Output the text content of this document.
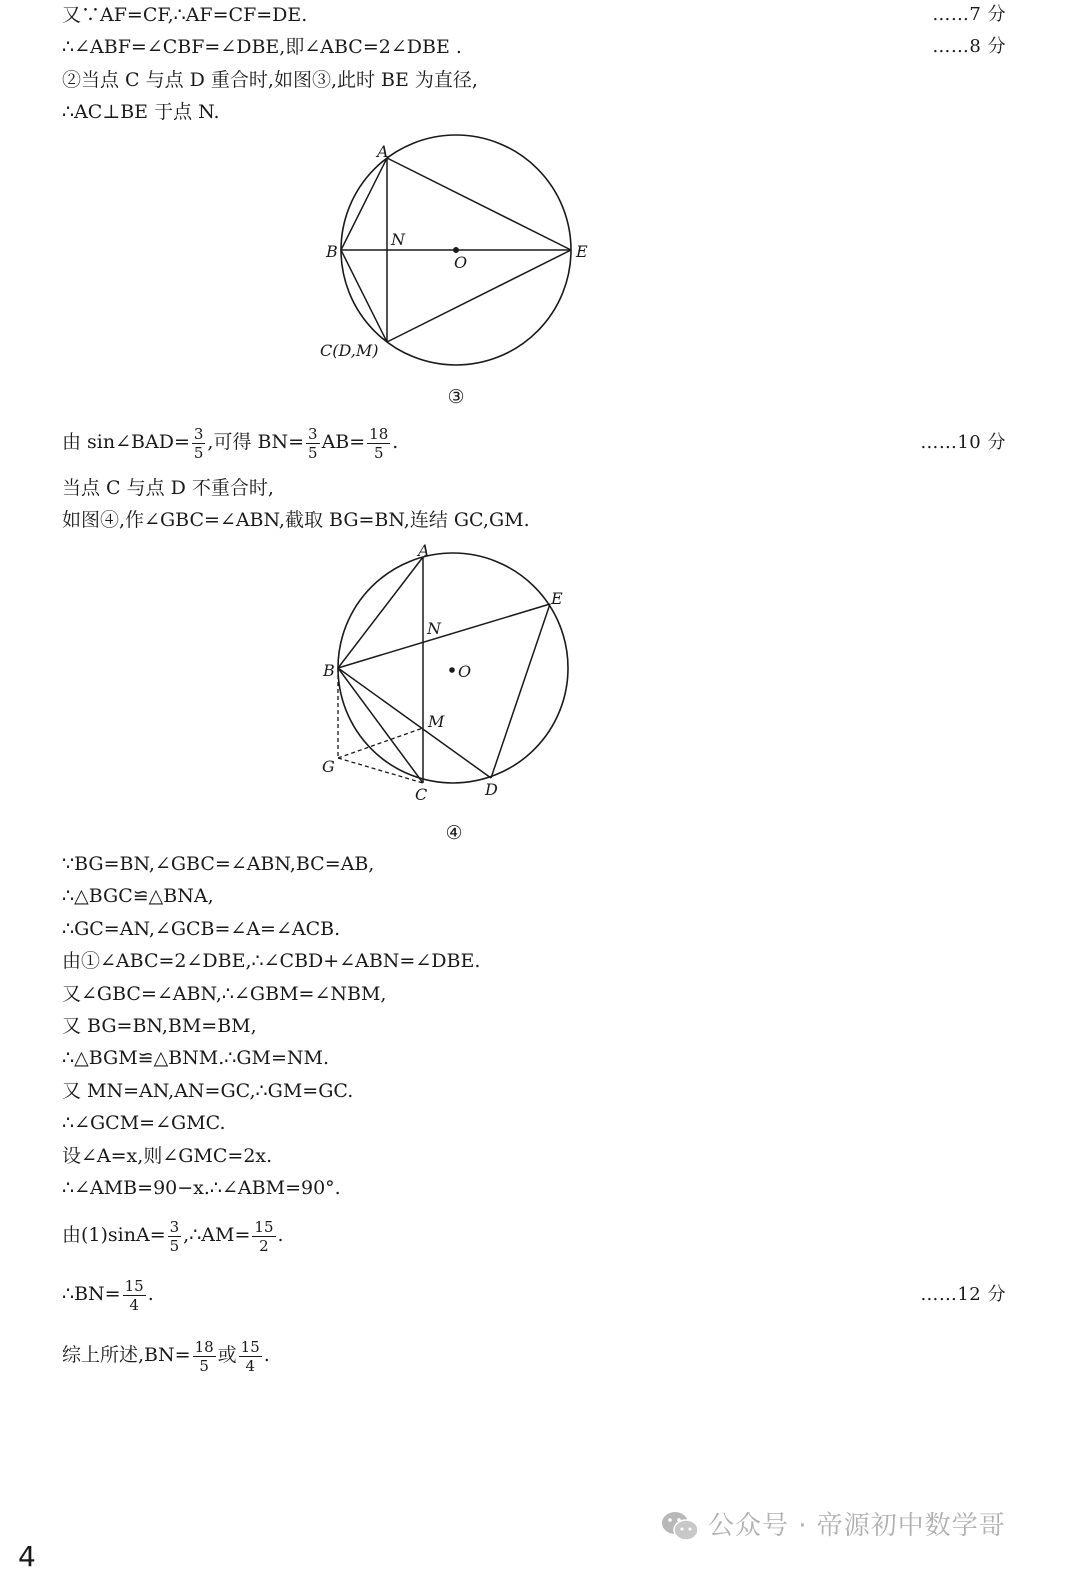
又∵AF=CF,∴AF=CF=DE.	……7 分
∴∠ABF=∠CBF=∠DBE,即∠ABC=2∠DBE .	……8 分
②当点 C 与点 D 重合时,如图③,此时 BE 为直径,
∴AC⊥BE 于点 N.
A
B
N
O
E
C(D,M)
③
由 sin∠BAD= $\frac{3}{5}$ ,可得 $BN= \frac{3}{5} AB= \frac{18}{5}$ .	……10 分
当点 C 与点 D 不重合时,
如图④,作∠GBC=∠ABN,截取 BG=BN,连结 GC,GM.
A
E
N
O
B
M
G
C	D
④
∵BG=BN,∠GBC=∠ABN,BC=AB,
∴△BGC≌△BNA,
∴GC=AN,∠GCB=∠A=∠ACB.
由①∠ABC=2∠DBE,∴∠CBD+∠ABN=∠DBE.
又∠GBC=∠ABN,∴∠GBM=∠NBM,
又 BG=BN,BM=BM,
∴△BGM≌△BNM.∴GM=NM.
又 MN=AN,AN=GC,∴GM=GC.
∴∠GCM=∠GMC.
设∠A=x,则∠GMC=2x.
∴∠AMB=90−x.∴∠ABM=90°.
由$(1)\sin A= \frac{3}{5}$ ,∴AM= $\frac{15}{2}$ .
∴BN= $\frac{15}{4}$ .	……12 分
综上所述$,BN= \frac{18}{5}$ 或 $\frac{15}{4}$ .
公众号 · 帝源初中数学哥
4
